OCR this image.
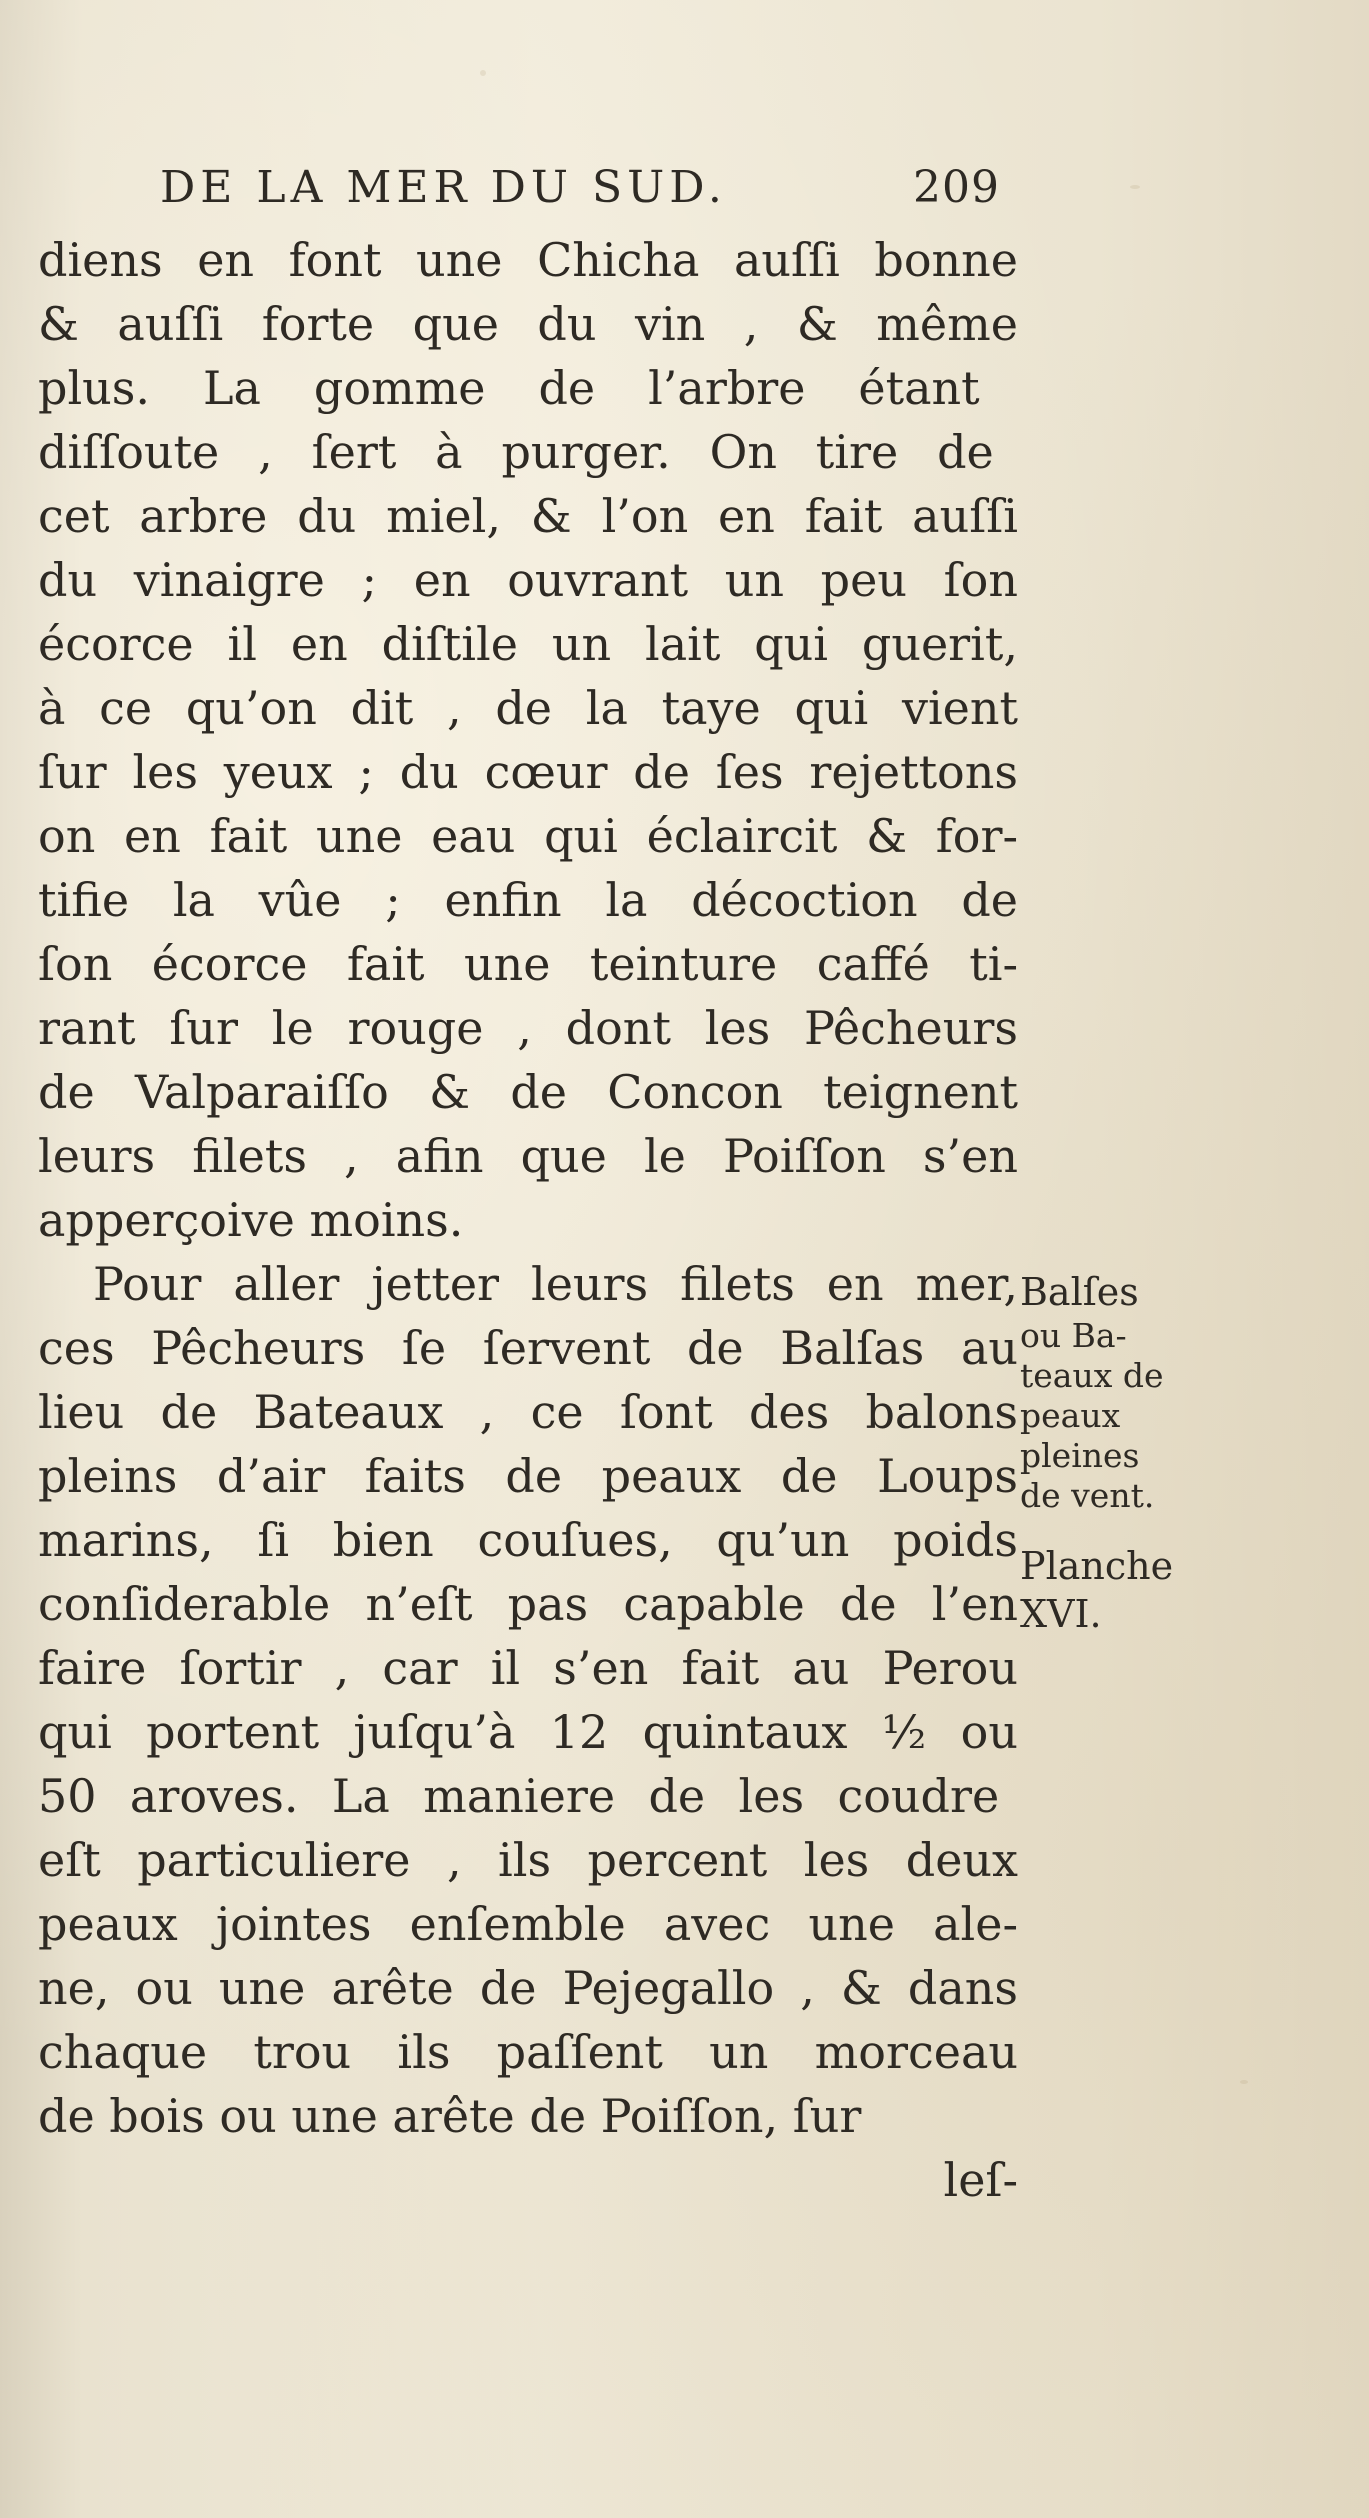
DE LA MER DU SUD.	209
diens en font une Chicha auſſi bonne
& auſſi forte que du vin , & même
plus. La gomme de l’arbre étant
diſſoute , ſert à purger. On tire de
cet arbre du miel, & l’on en fait auſſi
du vinaigre ; en ouvrant un peu ſon
écorce il en diſtile un lait qui guerit,
à ce qu’on dit , de la taye qui vient
ſur les yeux ; du cœur de ſes rejettons
on en fait une eau qui éclaircit & for-
tifie la vûe ; enfin la décoction de
ſon écorce fait une teinture caffé ti-
rant ſur le rouge , dont les Pêcheurs
de Valparaiſſo & de Concon teignent
leurs filets , afin que le Poiſſon s’en
apperçoive moins.
Pour aller jetter leurs filets en mer,
ces Pêcheurs ſe ſervent de Balſas au
lieu de Bateaux , ce ſont des balons
pleins d’air faits de peaux de Loups
marins, ſi bien couſues, qu’un poids
conſiderable n’eſt pas capable de l’en
faire ſortir , car il s’en fait au Perou
qui portent juſqu’à 12 quintaux ½ ou
50 aroves. La maniere de les coudre
eſt particuliere , ils percent les deux
peaux jointes enſemble avec une ale-
ne, ou une arête de Pejegallo , & dans
chaque trou ils paſſent un morceau
de bois ou une arête de Poiſſon, ſur
leſ-
Balſes
ou Ba-
teaux de
peaux
pleines
de vent.
Planche
XVI.
